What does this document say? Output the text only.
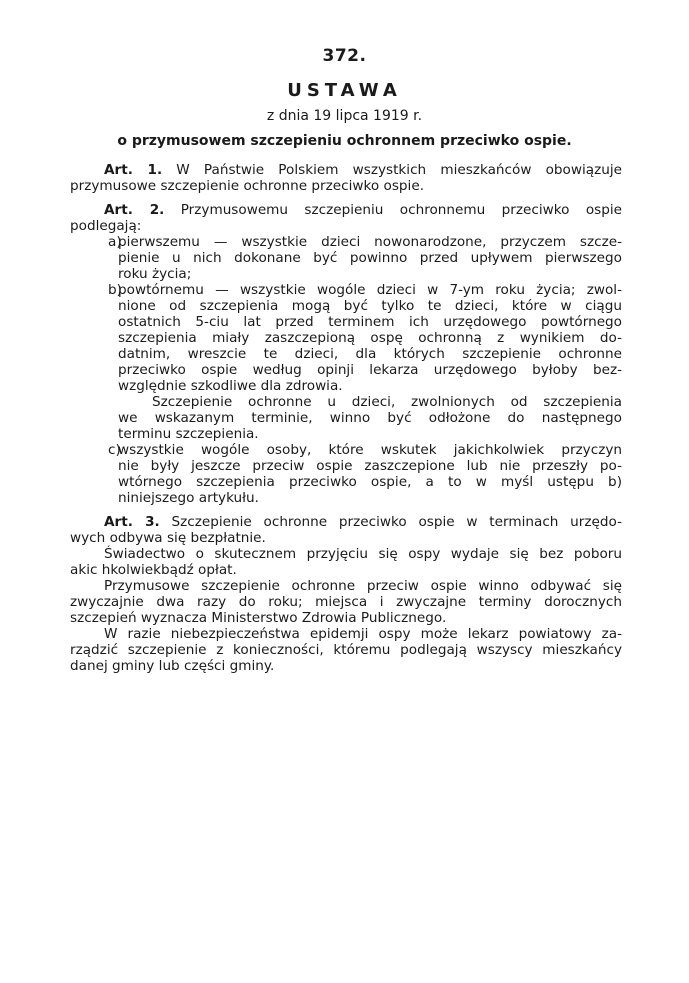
372.
USTAWA
z dnia 19 lipca 1919 r.
o przymusowem szczepieniu ochronnem przeciwko ospie.

Art. 1. W Państwie Polskiem wszystkich mieszkańców obowiązuje

przymusowe szczepienie ochronne przeciwko ospie.

Art. 2. Przymusowemu szczepieniu ochronnemu przeciwko ospie

podlegają:

a)

pierwszemu — wszystkie dzieci nowonarodzone, przyczem szcze-

pienie u nich dokonane być powinno przed upływem pierwszego

roku życia;

b)

powtórnemu — wszystkie wogóle dzieci w 7-ym roku życia; zwol-

nione od szczepienia mogą być tylko te dzieci, które w ciągu

ostatnich 5-ciu lat przed terminem ich urzędowego powtórnego

szczepienia miały zaszczepioną ospę ochronną z wynikiem do-

datnim, wreszcie te dzieci, dla których szczepienie ochronne

przeciwko ospie według opinji lekarza urzędowego byłoby bez-

względnie szkodliwe dla zdrowia.

Szczepienie ochronne u dzieci, zwolnionych od szczepienia

we wskazanym terminie, winno być odłożone do następnego

terminu szczepienia.

c)

wszystkie wogóle osoby, które wskutek jakichkolwiek przyczyn

nie były jeszcze przeciw ospie zaszczepione lub nie przeszły po-

wtórnego szczepienia przeciwko ospie, a to w myśl ustępu b)

niniejszego artykułu.

Art. 3. Szczepienie ochronne przeciwko ospie w terminach urzędo-

wych odbywa się bezpłatnie.

Świadectwo o skutecznem przyjęciu się ospy wydaje się bez poboru

akic hkolwiekbądź opłat.

Przymusowe szczepienie ochronne przeciw ospie winno odbywać się

zwyczajnie dwa razy do roku; miejsca i zwyczajne terminy dorocznych

szczepień wyznacza Ministerstwo Zdrowia Publicznego.

W razie niebezpieczeństwa epidemji ospy może lekarz powiatowy za-

rządzić szczepienie z konieczności, któremu podlegają wszyscy mieszkańcy

danej gminy lub części gminy.
